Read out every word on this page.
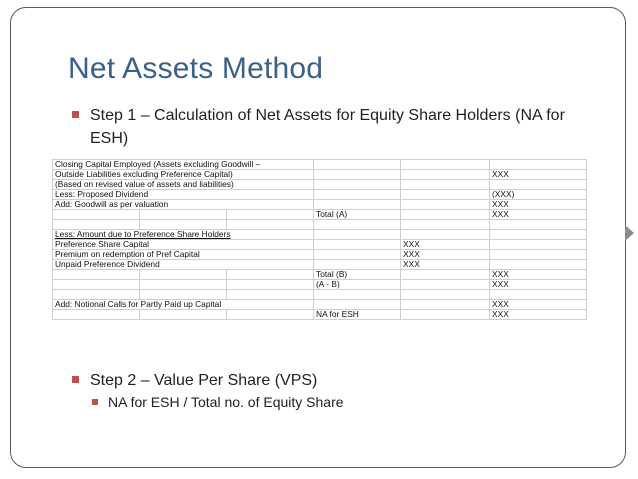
Net Assets Method
Step 1 – Calculation of Net Assets for Equity Share Holders (NA for ESH)
Closing Capital Employed (Assets excluding Goodwill –					
Outside Liabilities excluding Preference Capital)					XXX
(Based on revised value of assets and liabilities)					
Less: Proposed Dividend					(XXX)
Add: Goodwill as per valuation					XXX
			Total (A)		XXX

Less: Amount due to Preference Share Holders					
Preference Share Capital				XXX	
Premium on redemption of Pref Capital				XXX	
Unpaid Preference Dividend				XXX	
			Total (B)		XXX
			(A - B)		XXX

Add: Notional Calls for Partly Paid up Capital					XXX
			NA for ESH		XXX
Step 2 – Value Per Share (VPS)
NA for ESH / Total no. of Equity Share
